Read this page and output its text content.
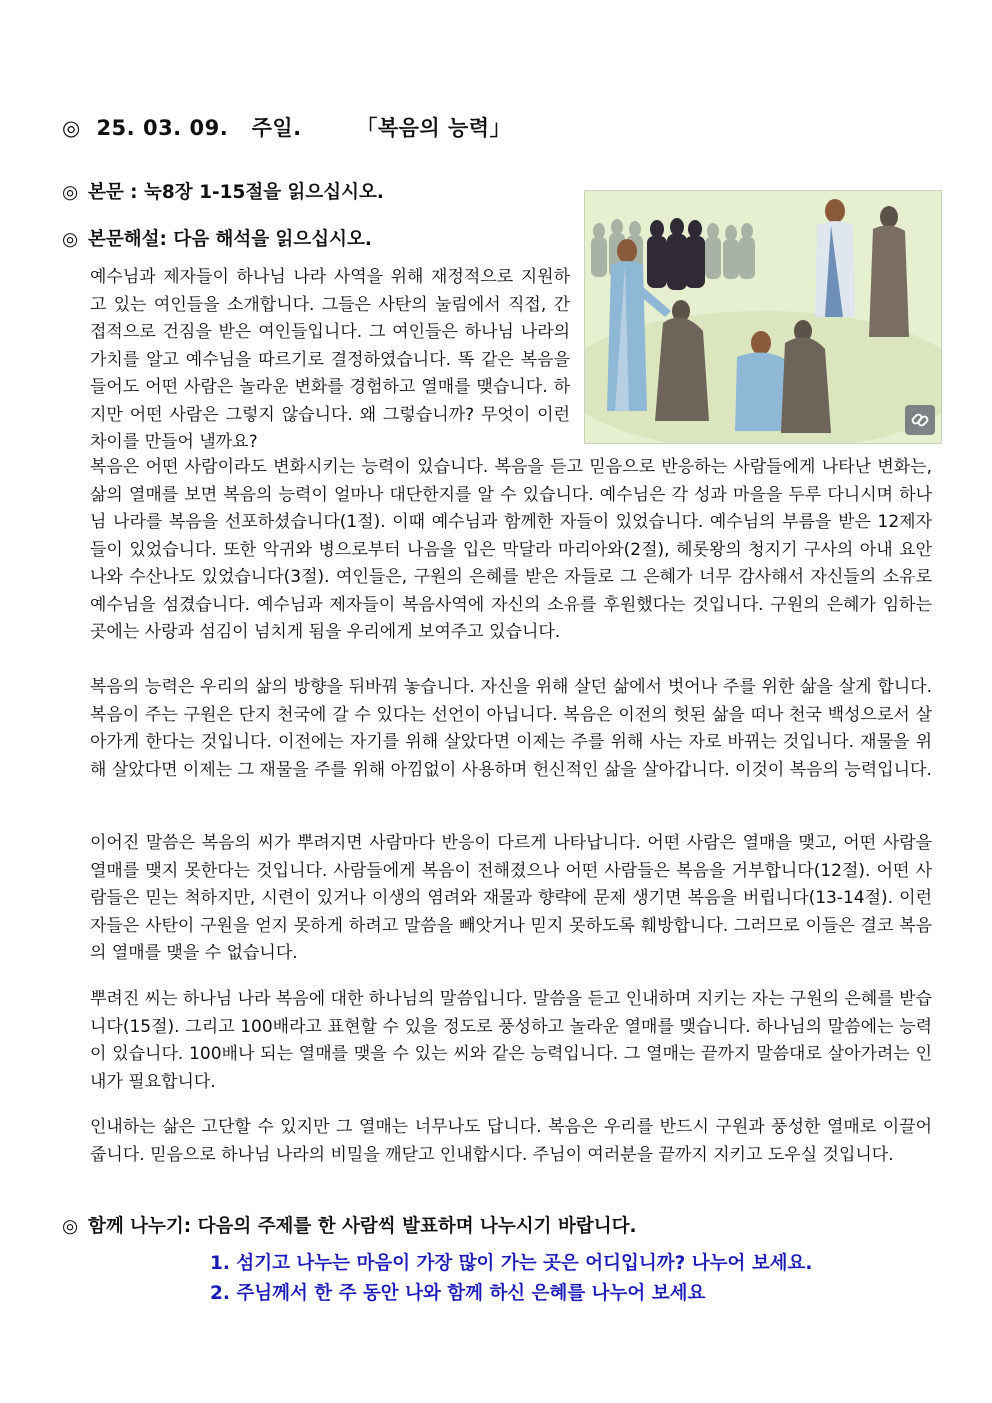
◎  25. 03. 09.   주일.       「복음의 능력」
◎ 본문 : 눅8장 1-15절을 읽으십시오.
◎ 본문해설: 다음 해석을 읽으십시오.
예수님과 제자들이 하나님 나라 사역을 위해 재정적으로 지원하고 있는 여인들을 소개합니다. 그들은 사탄의 눌림에서 직접, 간접적으로 건짐을 받은 여인들입니다. 그 여인들은 하나님 나라의 가치를 알고 예수님을 따르기로 결정하였습니다. 똑 같은 복음을 들어도 어떤 사람은 놀라운 변화를 경험하고 열매를 맺습니다. 하지만 어떤 사람은 그렇지 않습니다. 왜 그렇습니까? 무엇이 이런 차이를 만들어 낼까요?
복음은 어떤 사람이라도 변화시키는 능력이 있습니다. 복음을 듣고 믿음으로 반응하는 사람들에게 나타난 변화는, 삶의 열매를 보면 복음의 능력이 얼마나 대단한지를 알 수 있습니다. 예수님은 각 성과 마을을 두루 다니시며 하나님 나라를 복음을 선포하셨습니다(1절). 이때 예수님과 함께한 자들이 있었습니다. 예수님의 부름을 받은 12제자들이 있었습니다. 또한 악귀와 병으로부터 나음을 입은 막달라 마리아와(2절), 헤롯왕의 청지기 구사의 아내 요안나와 수산나도 있었습니다(3절). 여인들은, 구원의 은혜를 받은 자들로 그 은혜가 너무 감사해서 자신들의 소유로 예수님을 섬겼습니다. 예수님과 제자들이 복음사역에 자신의 소유를 후원했다는 것입니다. 구원의 은혜가 임하는 곳에는 사랑과 섬김이 넘치게 됨을 우리에게 보여주고 있습니다.
복음의 능력은 우리의 삶의 방향을 뒤바꿔 놓습니다. 자신을 위해 살던 삶에서 벗어나 주를 위한 삶을 살게 합니다. 복음이 주는 구원은 단지 천국에 갈 수 있다는 선언이 아닙니다. 복음은 이전의 헛된 삶을 떠나 천국 백성으로서 살아가게 한다는 것입니다. 이전에는 자기를 위해 살았다면 이제는 주를 위해 사는 자로 바뀌는 것입니다. 재물을 위해 살았다면 이제는 그 재물을 주를 위해 아낌없이 사용하며 헌신적인 삶을 살아갑니다. 이것이 복음의 능력입니다.
이어진 말씀은 복음의 씨가 뿌려지면 사람마다 반응이 다르게 나타납니다. 어떤 사람은 열매을 맺고, 어떤 사람을 열매를 맺지 못한다는 것입니다. 사람들에게 복음이 전해졌으나 어떤 사람들은 복음을 거부합니다(12절). 어떤 사람들은 믿는 척하지만, 시련이 있거나 이생의 염려와 재물과 향략에 문제 생기면 복음을 버립니다(13-14절). 이런 자들은 사탄이 구원을 얻지 못하게 하려고 말씀을 빼앗거나 믿지 못하도록 훼방합니다. 그러므로 이들은 결코 복음의 열매를 맺을 수 없습니다.
뿌려진 씨는 하나님 나라 복음에 대한 하나님의 말씀입니다. 말씀을 듣고 인내하며 지키는 자는 구원의 은혜를 받습니다(15절). 그리고 100배라고 표현할 수 있을 정도로 풍성하고 놀라운 열매를 맺습니다. 하나님의 말씀에는 능력이 있습니다. 100배나 되는 열매를 맺을 수 있는 씨와 같은 능력입니다. 그 열매는 끝까지 말씀대로 살아가려는 인내가 필요합니다.
인내하는 삶은 고단할 수 있지만 그 열매는 너무나도 답니다. 복음은 우리를 반드시 구원과 풍성한 열매로 이끌어 줍니다. 믿음으로 하나님 나라의 비밀을 깨닫고 인내합시다. 주님이 여러분을 끝까지 지키고 도우실 것입니다.
◎ 함께 나누기: 다음의 주제를 한 사람씩 발표하며 나누시기 바랍니다.
1. 섬기고 나누는 마음이 가장 많이 가는 곳은 어디입니까? 나누어 보세요.
2. 주님께서 한 주 동안 나와 함께 하신 은혜를 나누어 보세요
